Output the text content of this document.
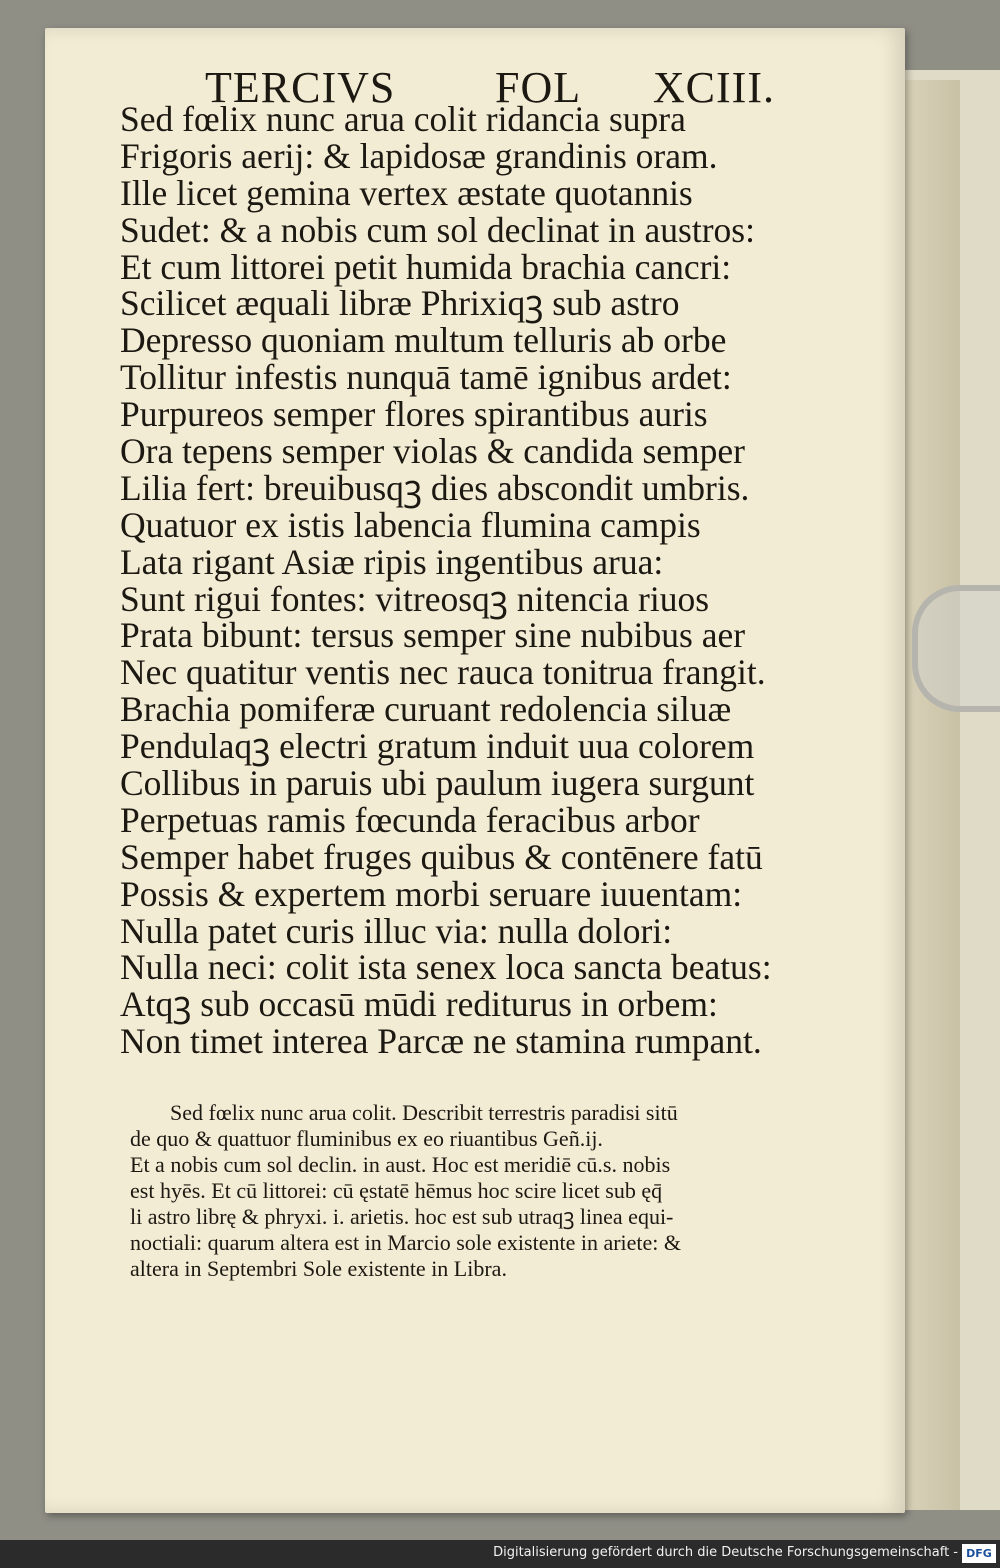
TERCIVS FOL XCIII.
Sed fœlix nunc arua colit ridancia supra
Frigoris aerij: & lapidosæ grandinis oram.
Ille licet gemina vertex æstate quotannis
Sudet: & a nobis cum sol declinat in austros:
Et cum littorei petit humida brachia cancri:
Scilicet æquali libræ Phrixiqꝫ sub astro
Depresso quoniam multum telluris ab orbe
Tollitur infestis nunquā tamē ignibus ardet:
Purpureos semper flores spirantibus auris
Ora tepens semper violas & candida semper
Lilia fert: breuibusqꝫ dies abscondit umbris.
Quatuor ex istis labencia flumina campis
Lata rigant Asiæ ripis ingentibus arua:
Sunt rigui fontes: vitreosqꝫ nitencia riuos
Prata bibunt: tersus semper sine nubibus aer
Nec quatitur ventis nec rauca tonitrua frangit.
Brachia pomiferæ curuant redolencia siluæ
Pendulaqꝫ electri gratum induit uua colorem
Collibus in paruis ubi paulum iugera surgunt
Perpetuas ramis fœcunda feracibus arbor
Semper habet fruges quibus & contēnere fatū
Possis & expertem morbi seruare iuuentam:
Nulla patet curis illuc via: nulla dolori:
Nulla neci: colit ista senex loca sancta beatus:
Atqꝫ sub occasū mūdi rediturus in orbem:
Non timet interea Parcæ ne stamina rumpant.
Sed fœlix nunc arua colit. Describit terrestris paradisi sitū
de quo & quattuor fluminibus ex eo riuantibus Geñ.ij.
Et a nobis cum sol declin. in aust. Hoc est meridiē cū.s. nobis
est hyēs. Et cū littorei: cū ęstatē hēmus hoc scire licet sub ęq̄
li astro librę & phryxi. i. arietis. hoc est sub utraqꝫ linea equi-
noctiali: quarum altera est in Marcio sole existente in ariete: &
altera in Septembri Sole existente in Libra.
Digitalisierung gefördert durch die Deutsche Forschungsgemeinschaft - DFG
